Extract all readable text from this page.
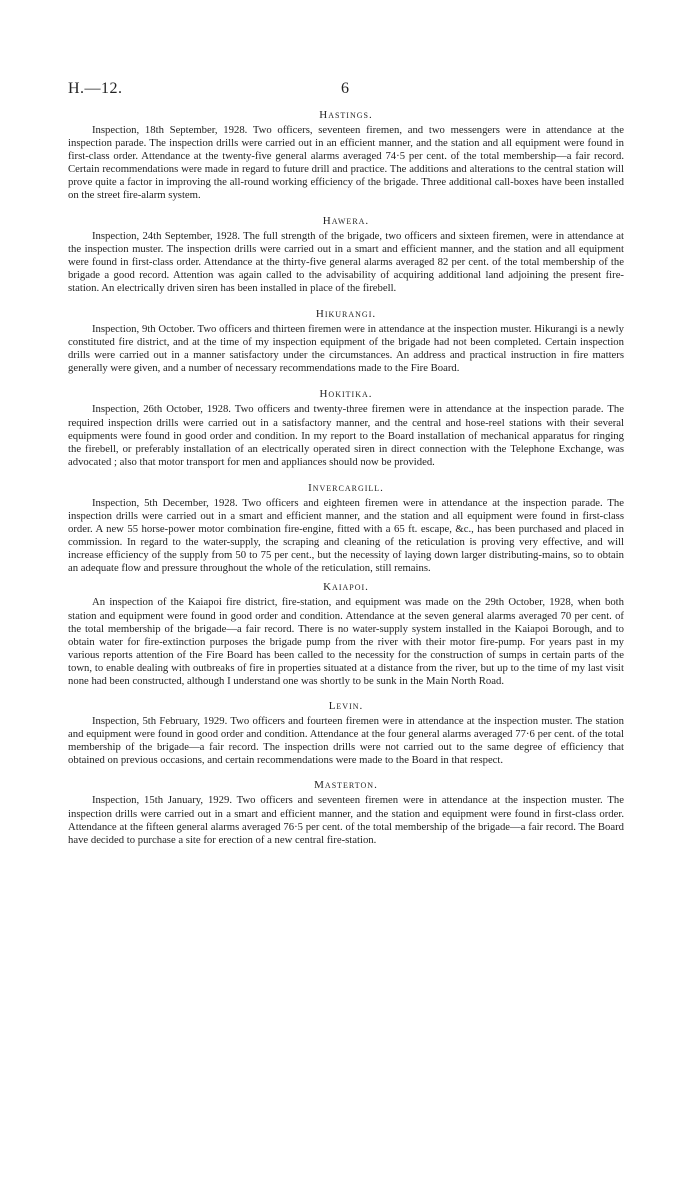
H.—12.	6

Hastings.

Inspection, 18th September, 1928. Two officers, seventeen firemen, and two messengers were in attendance at the inspection parade. The inspection drills were carried out in an efficient manner, and the station and all equipment were found in first-class order. Attendance at the twenty-five general alarms averaged 74·5 per cent. of the total membership—a fair record. Certain recommendations were made in regard to future drill and practice. The additions and alterations to the central station will prove quite a factor in improving the all-round working efficiency of the brigade. Three additional call-boxes have been installed on the street fire-alarm system.

Hawera.

Inspection, 24th September, 1928. The full strength of the brigade, two officers and sixteen firemen, were in attendance at the inspection muster. The inspection drills were carried out in a smart and efficient manner, and the station and all equipment were found in first-class order. Attendance at the thirty-five general alarms averaged 82 per cent. of the total membership of the brigade a good record. Attention was again called to the advisability of acquiring additional land adjoining the present fire-station. An electrically driven siren has been installed in place of the firebell.

Hikurangi.

Inspection, 9th October. Two officers and thirteen firemen were in attendance at the inspection muster. Hikurangi is a newly constituted fire district, and at the time of my inspection equipment of the brigade had not been completed. Certain inspection drills were carried out in a manner satisfactory under the circumstances. An address and practical instruction in fire matters generally were given, and a number of necessary recommendations made to the Fire Board.

Hokitika.

Inspection, 26th October, 1928. Two officers and twenty-three firemen were in attendance at the inspection parade. The required inspection drills were carried out in a satisfactory manner, and the central and hose-reel stations with their several equipments were found in good order and condition. In my report to the Board installation of mechanical apparatus for ringing the firebell, or preferably installation of an electrically operated siren in direct connection with the Telephone Exchange, was advocated ; also that motor transport for men and appliances should now be provided.

Invercargill.

Inspection, 5th December, 1928. Two officers and eighteen firemen were in attendance at the inspection parade. The inspection drills were carried out in a smart and efficient manner, and the station and all equipment were found in first-class order. A new 55 horse-power motor combination fire-engine, fitted with a 65 ft. escape, &c., has been purchased and placed in commission. In regard to the water-supply, the scraping and cleaning of the reticulation is proving very effective, and will increase efficiency of the supply from 50 to 75 per cent., but the necessity of laying down larger distributing-mains, so to obtain an adequate flow and pressure throughout the whole of the reticulation, still remains.

Kaiapoi.

An inspection of the Kaiapoi fire district, fire-station, and equipment was made on the 29th October, 1928, when both station and equipment were found in good order and condition. Attendance at the seven general alarms averaged 70 per cent. of the total membership of the brigade—a fair record. There is no water-supply system installed in the Kaiapoi Borough, and to obtain water for fire-extinction purposes the brigade pump from the river with their motor fire-pump. For years past in my various reports attention of the Fire Board has been called to the necessity for the construction of sumps in certain parts of the town, to enable dealing with outbreaks of fire in properties situated at a distance from the river, but up to the time of my last visit none had been constructed, although I understand one was shortly to be sunk in the Main North Road.

Levin.

Inspection, 5th February, 1929. Two officers and fourteen firemen were in attendance at the inspection muster. The station and equipment were found in good order and condition. Attendance at the four general alarms averaged 77·6 per cent. of the total membership of the brigade—a fair record. The inspection drills were not carried out to the same degree of efficiency that obtained on previous occasions, and certain recommendations were made to the Board in that respect.

Masterton.

Inspection, 15th January, 1929. Two officers and seventeen firemen were in attendance at the inspection muster. The inspection drills were carried out in a smart and efficient manner, and the station and equipment were found in first-class order. Attendance at the fifteen general alarms averaged 76·5 per cent. of the total membership of the brigade—a fair record. The Board have decided to purchase a site for erection of a new central fire-station.
